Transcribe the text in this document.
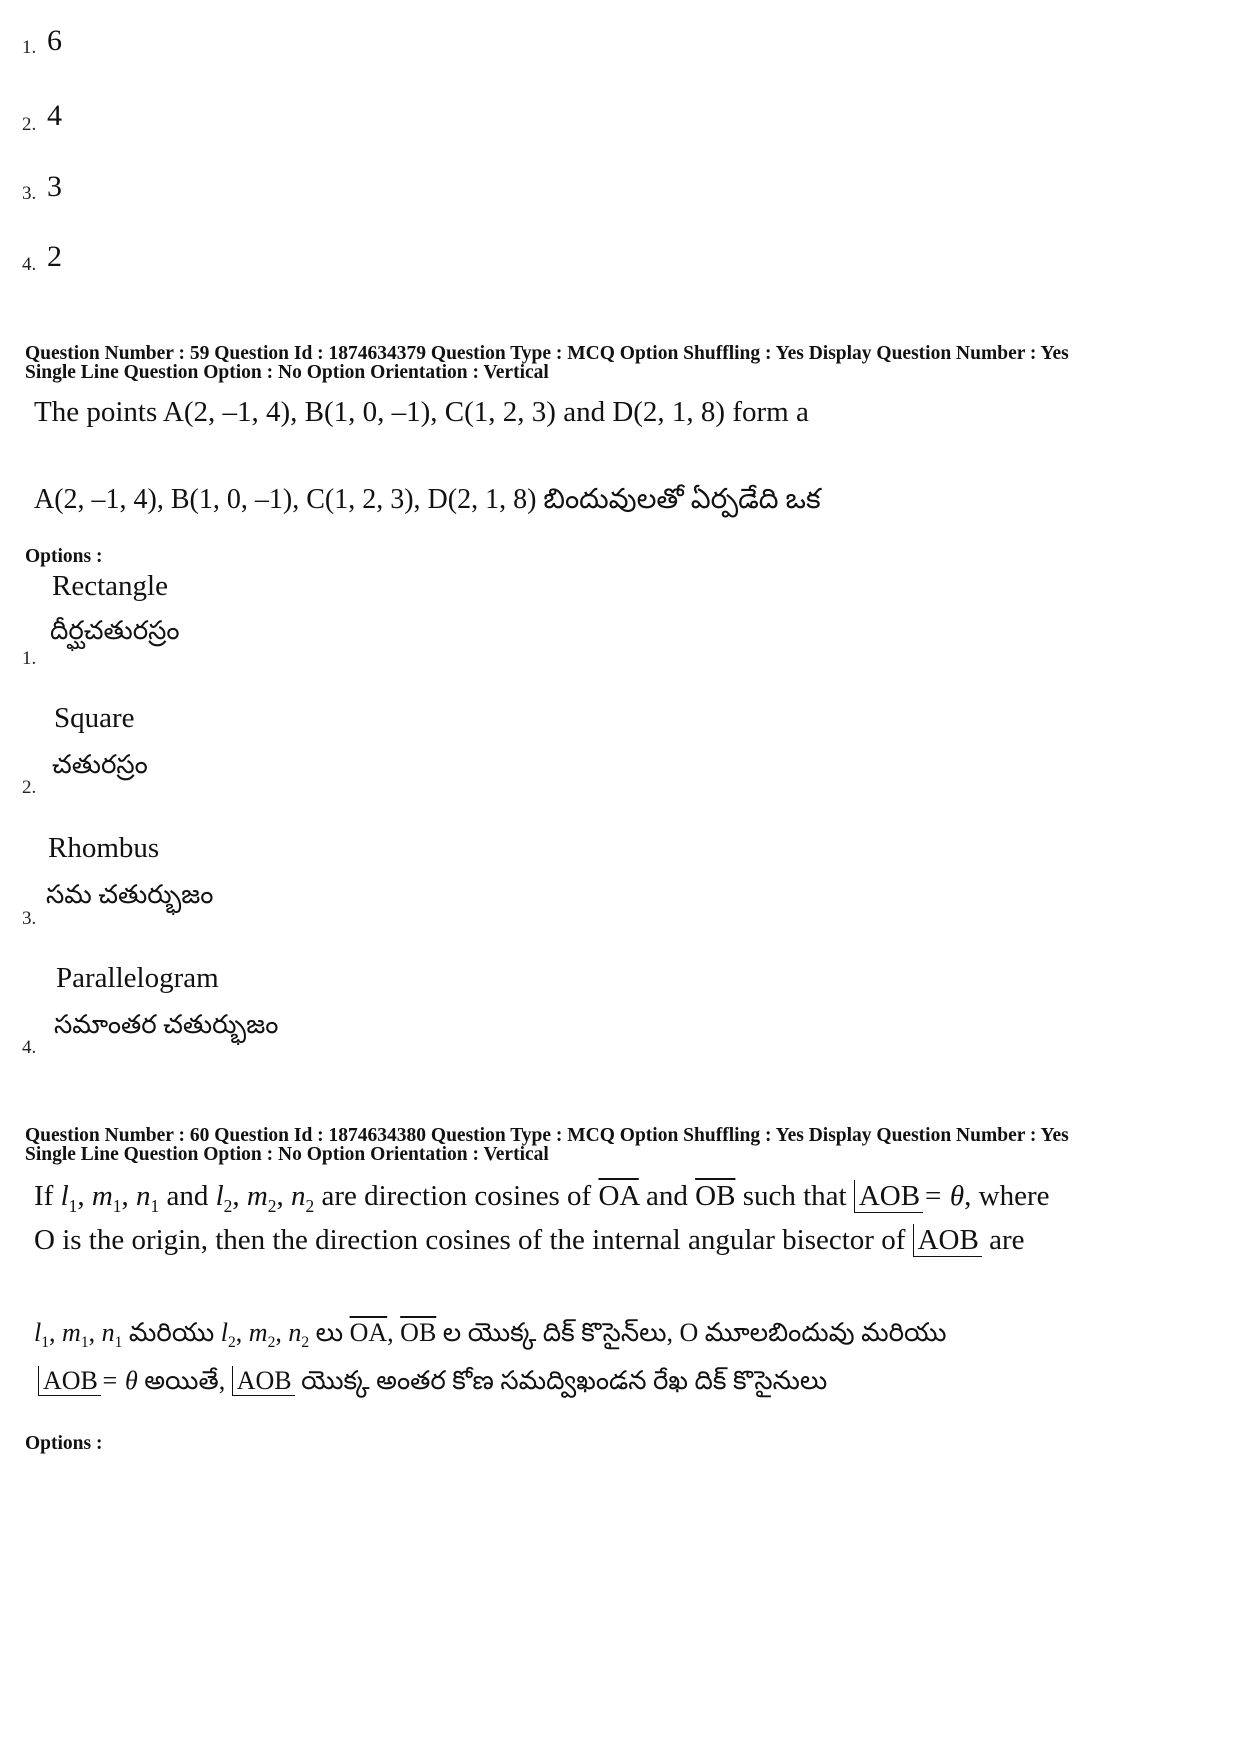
1. 6
2. 4
3. 3
4. 2
Question Number : 59 Question Id : 1874634379 Question Type : MCQ Option Shuffling : Yes Display Question Number : Yes
Single Line Question Option : No Option Orientation : Vertical
The points A(2, –1, 4), B(1, 0, –1), C(1, 2, 3) and D(2, 1, 8) form a
A(2, –1, 4), B(1, 0, –1), C(1, 2, 3), D(2, 1, 8) బిందువులతో ఏర్పడేది ఒక
Options :
Rectangle
దీర్ఘచతురస్రం
1.
Square
చతురస్రం
2.
Rhombus
సమ చతుర్భుజం
3.
Parallelogram
సమాంతర చతుర్భుజం
4.
Question Number : 60 Question Id : 1874634380 Question Type : MCQ Option Shuffling : Yes Display Question Number : Yes
Single Line Question Option : No Option Orientation : Vertical
If $l_1$, $m_1$, $n_1$ and $l_2$, $m_2$, $n_2$ are direction cosines of $\overline{OA}$ and $\overline{OB}$ such that AOB = θ, where
O is the origin, then the direction cosines of the internal angular bisector of AOB are
$l_1$, $m_1$, $n_1$ మరియు $l_2$, $m_2$, $n_2$ లు $\overline{OA}$, $\overline{OB}$ ల యొక్క దిక్ కొసైన్‌లు, O మూలబిందువు మరియు
AOB = θ అయితే, AOB యొక్క అంతర కోణ సమద్విఖండన రేఖ దిక్ కొసైనులు
Options :
